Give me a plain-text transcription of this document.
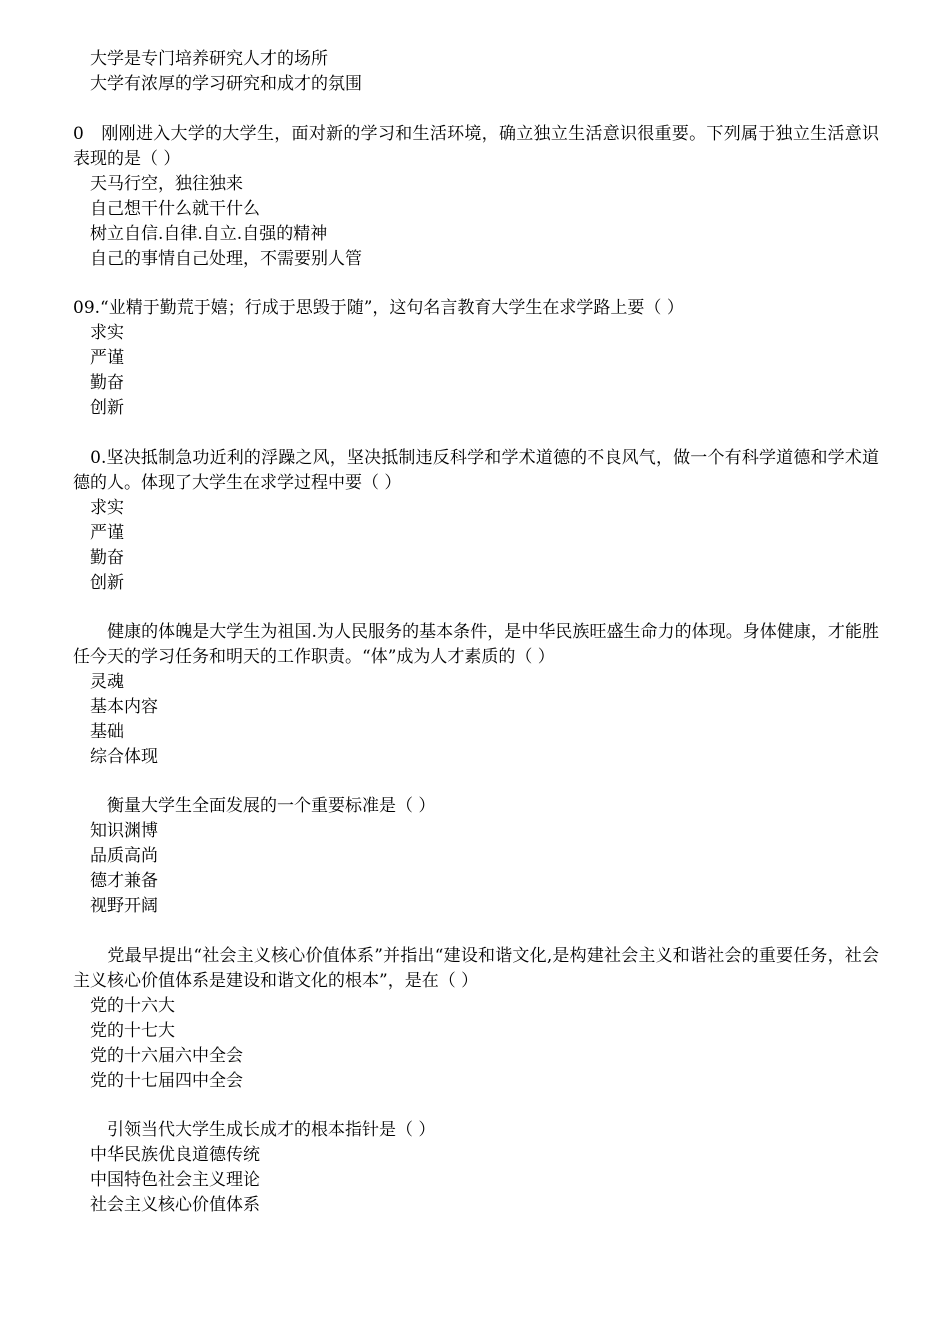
大学是专门培养研究人才的场所
大学有浓厚的学习研究和成才的氛围
0　刚刚进入大学的大学生，面对新的学习和生活环境，确立独立生活意识很重要。下列属于独立生活意识表现的是（ ）
天马行空，独往独来
自己想干什么就干什么
树立自信.自律.自立.自强的精神
自己的事情自己处理，不需要别人管
09.“业精于勤荒于嬉；行成于思毁于随”，这句名言教育大学生在求学路上要（ ）
求实
严谨
勤奋
创新
　0.坚决抵制急功近利的浮躁之风，坚决抵制违反科学和学术道德的不良风气，做一个有科学道德和学术道德的人。体现了大学生在求学过程中要（ ）
求实
严谨
勤奋
创新
　　健康的体魄是大学生为祖国.为人民服务的基本条件，是中华民族旺盛生命力的体现。身体健康，才能胜任今天的学习任务和明天的工作职责。“体”成为人才素质的（ ）
灵魂
基本内容
基础
综合体现
　　衡量大学生全面发展的一个重要标准是（ ）
知识渊博
品质高尚
德才兼备
视野开阔
　　党最早提出“社会主义核心价值体系”并指出“建设和谐文化,是构建社会主义和谐社会的重要任务，社会主义核心价值体系是建设和谐文化的根本”，是在（ ）
党的十六大
党的十七大
党的十六届六中全会
党的十七届四中全会
　　引领当代大学生成长成才的根本指针是（ ）
中华民族优良道德传统
中国特色社会主义理论
社会主义核心价值体系
